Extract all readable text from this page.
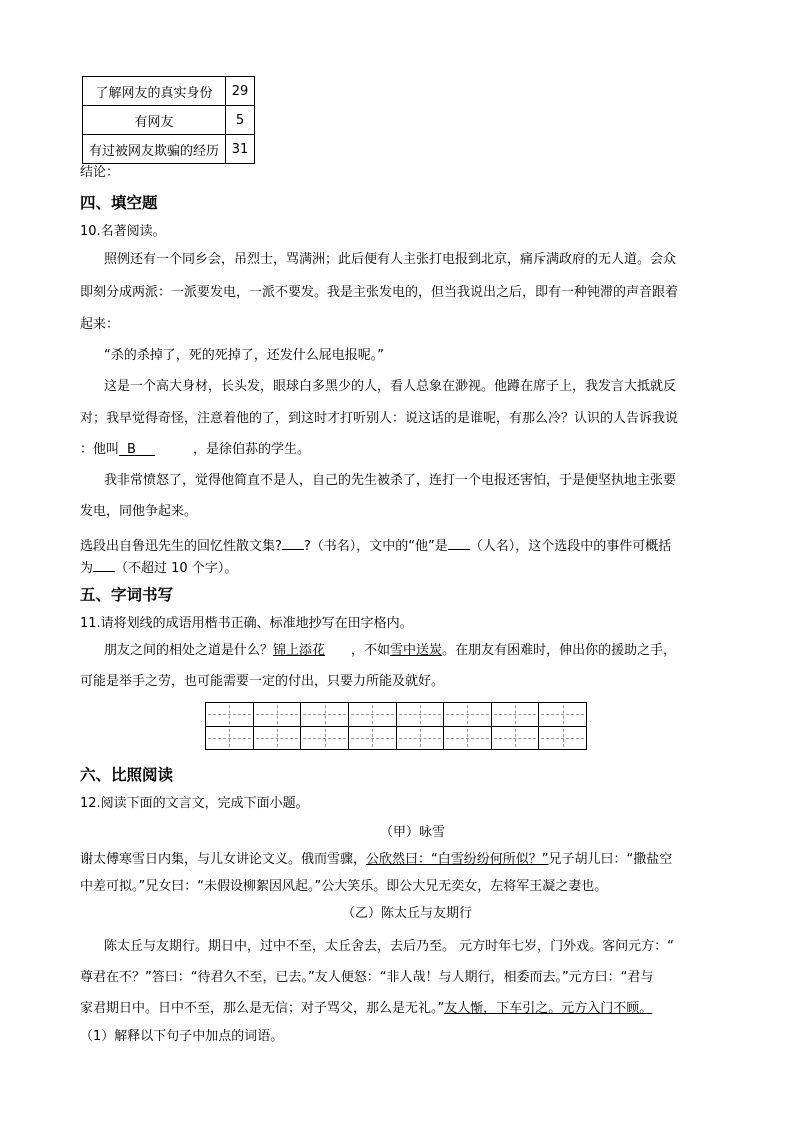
了解网友的真实身份	29
有网友	5
有过被网友欺骗的经历	31
结论：
四、填空题
10.名著阅读。
照例还有一个同乡会，吊烈士，骂满洲；此后便有人主张打电报到北京，痛斥满政府的无人道。会众
即刻分成两派：一派要发电，一派不要发。我是主张发电的，但当我说出之后，即有一种钝滞的声音跟着
起来：
“杀的杀掉了，死的死掉了，还发什么屁电报呢。”
这是一个高大身材，长头发，眼球白多黑少的人，看人总象在渺视。他蹲在席子上，我发言大抵就反
对；我早觉得奇怪，注意着他的了，到这时才打听别人：说这话的是谁呢，有那么冷？认识的人告诉我说
：他叫 B	，是徐伯荪的学生。
我非常愤怒了，觉得他简直不是人，自己的先生被杀了，连打一个电报还害怕，于是便坚执地主张要
发电，同他争起来。
选段出自鲁迅先生的回忆性散文集? ?（书名），文中的“他”是 （人名），这个选段中的事件可概括
为 （不超过 10 个字）。
五、字词书写
11.请将划线的成语用楷书正确、标准地抄写在田字格内。
朋友之间的相处之道是什么？锦上添花 ，不如雪中送炭。在朋友有困难时，伸出你的援助之手，
可能是举手之劳，也可能需要一定的付出，只要力所能及就好。
六、比照阅读
12.阅读下面的文言文，完成下面小题。
（甲）咏雪
谢太傅寒雪日内集，与儿女讲论文义。俄而雪骤，公欣然曰：“白雪纷纷何所似？”兄子胡儿曰：“撒盐空
中差可拟。”兄女曰：“未假设柳絮因风起。”公大笑乐。即公大兄无奕女，左将军王凝之妻也。
（乙）陈太丘与友期行
陈太丘与友期行。期日中，过中不至，太丘舍去，去后乃至。 元方时年七岁，门外戏。客问元方：“
尊君在不？”答曰：“待君久不至，已去。”友人便怒：“非人哉！与人期行，相委而去。”元方曰：“君与
家君期日中。日中不至，那么是无信；对子骂父，那么是无礼。”友人惭，下车引之。元方入门不顾。
（1）解释以下句子中加点的词语。
